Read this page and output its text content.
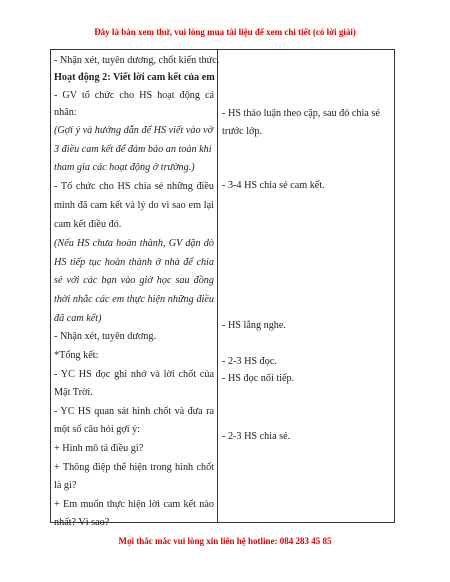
Đây là bản xem thử, vui lòng mua tài liệu để xem chi tiết (có lời giải)
- Nhận xét, tuyên dương, chốt kiến thức.
Hoạt động 2: Viết lời cam kết của em
- GV tổ chức cho HS hoạt động cá
nhân:
(Gợi ý và hướng dẫn để HS viết vào vở
3 điều cam kết để đảm bảo an toàn khi
tham gia các hoạt động ở trường.)
- Tổ chức cho HS chia sẻ những điều
mình đã cam kết và lý do vì sao em lại
cam kết điều đó.
(Nếu HS chưa hoàn thành, GV dặn dò
HS tiếp tục hoàn thành ở nhà để chia
sẻ với các bạn vào giờ học sau đồng
thời nhắc các em thực hiện những điều
đã cam kết)
- Nhận xét, tuyên dương.
*Tổng kết:
- YC HS đọc ghi nhớ và lời chốt của
Mặt Trời.
- YC HS quan sát hình chốt và đưa ra
một số câu hỏi gợi ý:
+ Hình mô tả điều gì?
+ Thông điệp thể hiện trong hình chốt
là gì?
+ Em muốn thực hiện lời cam kết nào
nhất? Vì sao?
- HS thảo luận theo cặp, sau đó chia sẻ
trước lớp.
- 3-4 HS chia sẻ cam kết.
- HS lắng nghe.
- 2-3 HS đọc.
- HS đọc nối tiếp.
- 2-3 HS chia sẻ.
Mọi thắc mắc vui lòng xin liên hệ hotline: 084 283 45 85
